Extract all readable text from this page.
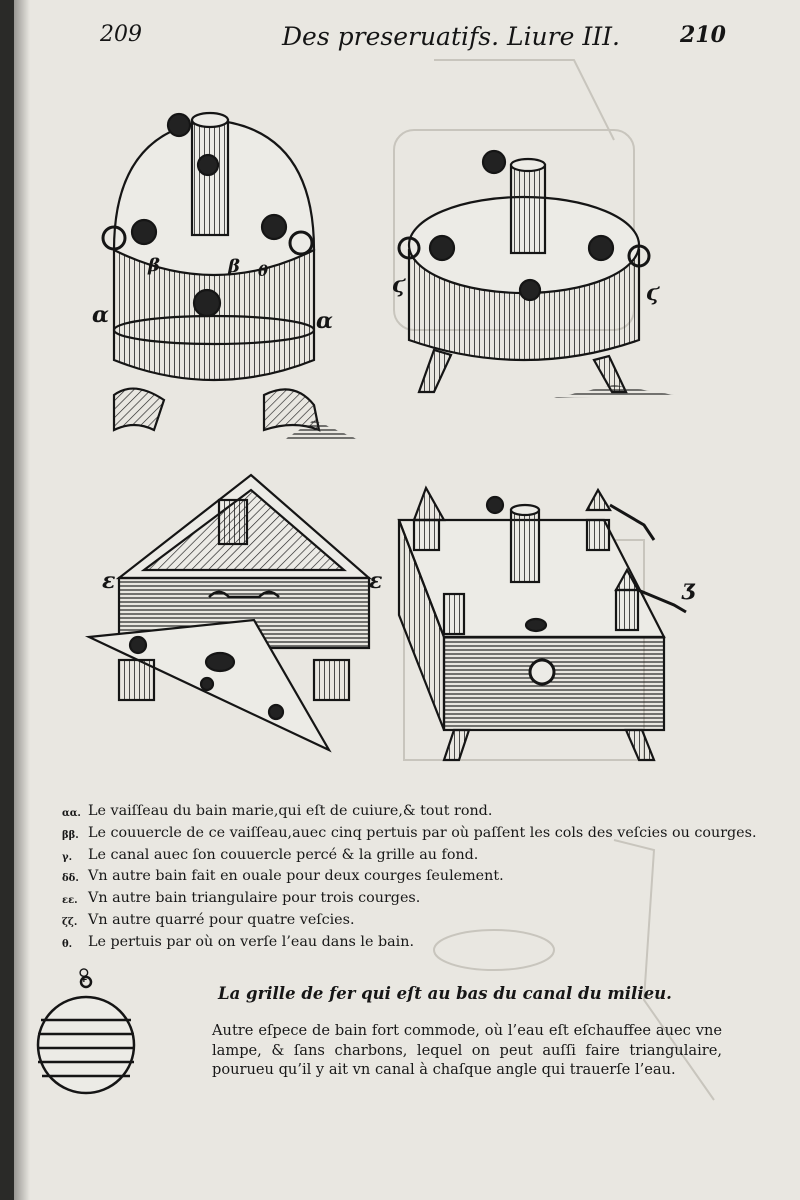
209	Des preseruatifs. Liure III.	210
α	α
β	β θ
ϛ	ϛ
ε	ε	ʒ
♀
αα. Le vaiſſeau du bain marie,qui eſt de cuiure,& tout rond.
ββ. Le couuercle de ce vaiſſeau,auec cinq pertuis par où paſſent les cols des veſcies ou courges.
γ.	Le canal auec ſon couuercle percé & la grille au fond.
δδ. Vn autre bain fait en ouale pour deux courges ſeulement.
εε. Vn autre bain triangulaire pour trois courges.
ζζ. Vn autre quarré pour quatre veſcies.
θ.	Le pertuis par où on verſe l’eau dans le bain.
La grille de fer qui eſt au bas du canal du milieu.
Autre eſpece de bain fort commode, où l’eau eſt eſchauffee auec vne lampe, & ſans charbons, lequel on peut auſſi faire triangulaire, pourueu qu’il y ait vn canal à chaſque angle qui trauerſe l’eau.
